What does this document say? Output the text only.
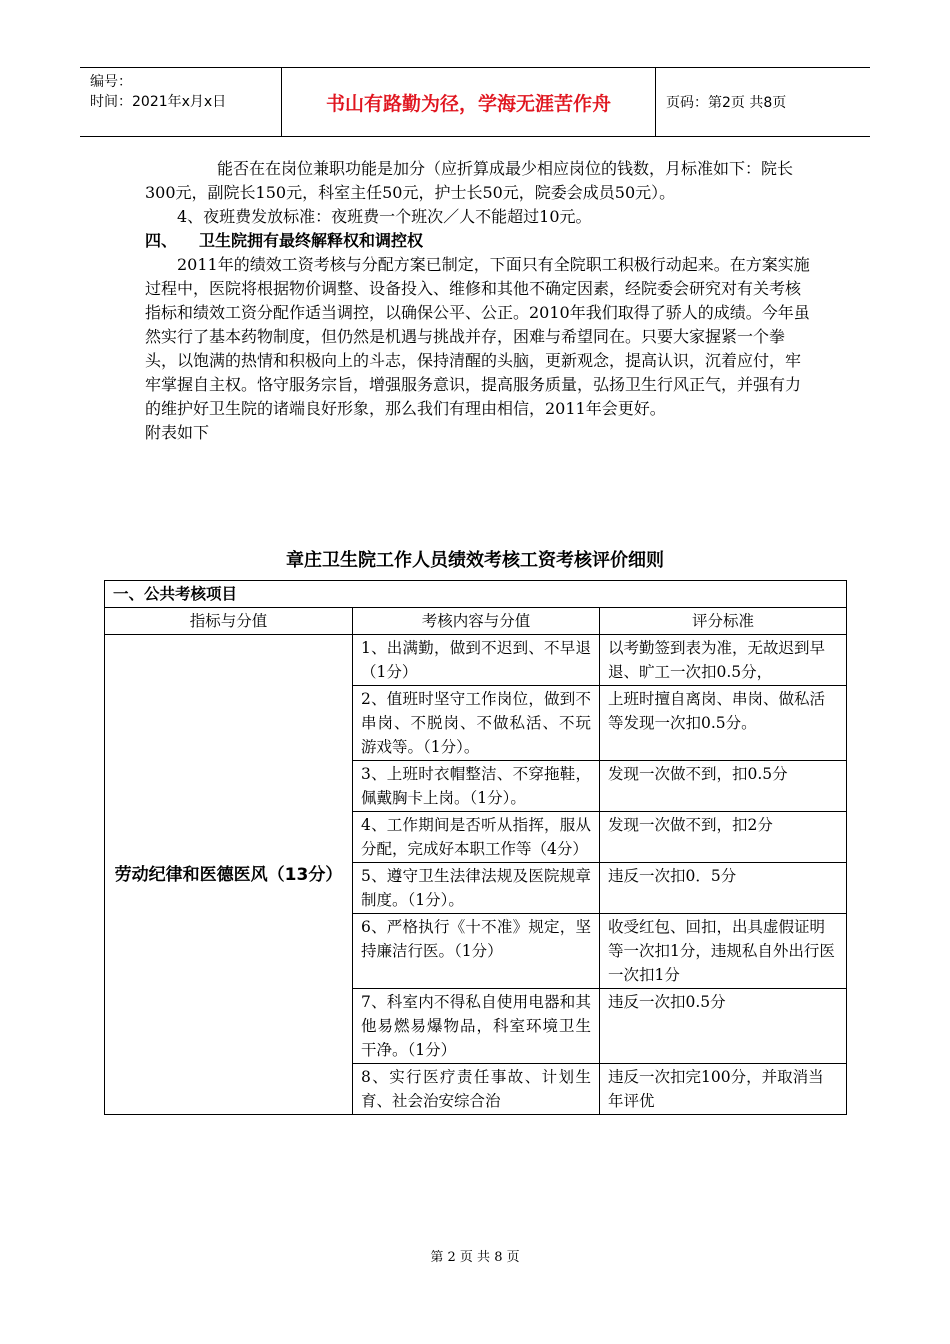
编号：
时间：2021年x月x日	书山有路勤为径，学海无涯苦作舟	页码：第2页 共8页

能否在在岗位兼职功能是加分（应折算成最少相应岗位的钱数，月标准如下：院长300元，副院长150元，科室主任50元，护士长50元，院委会成员50元）。

4、夜班费发放标准：夜班费一个班次／人不能超过10元。

四、 卫生院拥有最终解释权和调控权

2011年的绩效工资考核与分配方案已制定，下面只有全院职工积极行动起来。在方案实施过程中，医院将根据物价调整、设备投入、维修和其他不确定因素，经院委会研究对有关考核指标和绩效工资分配作适当调控，以确保公平、公正。2010年我们取得了骄人的成绩。今年虽然实行了基本药物制度，但仍然是机遇与挑战并存，困难与希望同在。只要大家握紧一个拳头，以饱满的热情和积极向上的斗志，保持清醒的头脑，更新观念，提高认识，沉着应付，牢牢掌握自主权。恪守服务宗旨，增强服务意识，提高服务质量，弘扬卫生行风正气，并强有力的维护好卫生院的诸端良好形象，那么我们有理由相信，2011年会更好。

附表如下

章庄卫生院工作人员绩效考核工资考核评价细则
一、公共考核项目		
指标与分值	考核内容与分值	评分标准
劳动纪律和医德医风（13分）	1、出满勤，做到不迟到、不早退（1分）	以考勤签到表为准，无故迟到早退、旷工一次扣0.5分，
	2、值班时坚守工作岗位，做到不串岗、不脱岗、不做私活、不玩游戏等。（1分）。	上班时擅自离岗、串岗、做私活等发现一次扣0.5分。
	3、上班时衣帽整洁、不穿拖鞋，佩戴胸卡上岗。（1分）。	发现一次做不到，扣0.5分
	4、工作期间是否听从指挥，服从分配，完成好本职工作等（4分）	发现一次做不到，扣2分
	5、遵守卫生法律法规及医院规章制度。（1分）。	违反一次扣0．5分
	6、严格执行《十不准》规定，坚持廉洁行医。（1分）	收受红包、回扣，出具虚假证明等一次扣1分，违规私自外出行医一次扣1分
	7、科室内不得私自使用电器和其他易燃易爆物品，科室环境卫生干净。（1分）	违反一次扣0.5分
	8、实行医疗责任事故、计划生育、社会治安综合治	违反一次扣完100分，并取消当年评优
第 2 页 共 8 页
